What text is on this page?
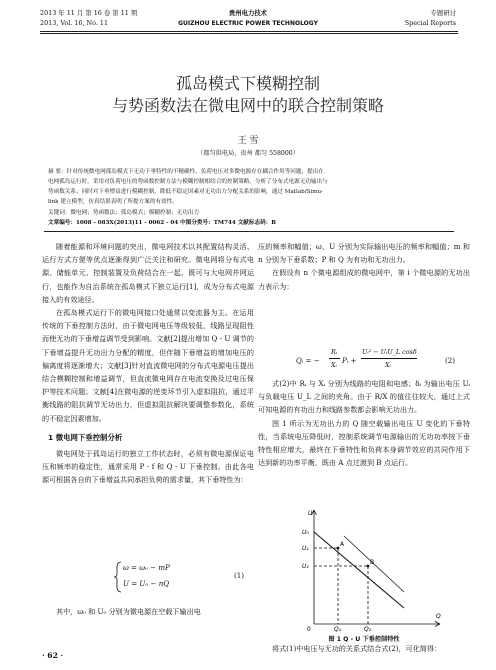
2013 年 11 月 第 16 卷 第 11 期	贵州电力技术	专题研讨
2013, Vol. 16, No. 11	GUIZHOU ELECTRIC POWER TECHNOLOGY	Special Reports
孤岛模式下模糊控制
与势函数法在微电网中的联合控制策略
王 雪
（都匀供电局，贵州 都匀 558000）
摘 要：针对传统微电网孤岛模式下无功下垂特性的不精确性、负荷电压对多微电源存在耦合作用等问题，提出在
电网孤岛运行时，采用对负荷电压的势函数控制方法与模糊控制相结合的控制策略。分析了分布式电源无功输出与
势函数关系；同时对下垂增益进行模糊控制，降低不稳定因素对无功出力分配关系的影响。通过 Matlab/Simu-
link 建立模型，仿真结果表明了所提方案的有效性。
关键词：微电网；势函数法；孤岛模式；模糊控制；无功出力
文章编号：1008 - 083X(2013)11 - 0062 - 04 中图分类号：TM744 文献标志码：B

随着能源和环境问题的突出，微电网技术以其配置结构灵活、运行方式方便等优点逐渐得到广泛关注和研究。微电网将分布式电源、储能单元、控制装置及负荷结合在一起，既可与大电网并网运行，也能作为自治系统在孤岛模式下独立运行[1]，成为分布式电源接入的有效途径。

在孤岛模式运行下的微电网接口处通常以变流器为主。在运用传统的下垂控制方法时，由于微电网电压等级较低，线路呈现阻性而使无功的下垂增益调节受到影响。文献[2]提出增加 Q - U 调节的下垂增益提升无功出力分配的精度，但伴随下垂增益的增加电压的偏离度将逐渐增大；文献[3]针对直流微电网的分布式电源电压提出结合模糊控制和增益调节，但直流微电网存在电流变换及过电压保护等技术问题；文献[4]在微电源的逆变环节引入虚拟阻抗，通过平衡线路的阻抗调节无功出力，但虚拟阻抗解决要调整参数化，系统的不稳定因素增加。

1 微电网下垂控制分析

微电网处于孤岛运行的独立工作状态时，必须有微电源保证电压和频率的稳定性，通常采用 P - f 和 Q - U 下垂控制。由此各电源可根据各自的下垂增益共同承担负荷的需求量，其下垂特性为：

ω = ω₀ − mP
U = U₀ − nQ
(1)

其中，ω₀ 和 U₀ 分别为微电源在空载下输出电

压的频率和幅值；ω、U 分别为实际输出电压的频率和幅值；m 和 n 分别为下垂系数；P 和 Q 为有功和无功出力。

在假设有 n 个微电源组成的微电网中，第 i 个微电源的无功出力表示为：

Qᵢ = −
Rᵢ
Xᵢ Pᵢ +
Uᵢ² − UᵢU_L cosδ
Xᵢ	(2)

式(2)中 Rᵢ 与 Xᵢ 分别为线路的电阻和电感；δᵢ 为输出电压 Uᵢ 与负载电压 U_L 之间的夹角。由于 R/X 的值往往较大，通过上式可知电源的有功出力和线路参数都会影响无功出力。

图 1 所示为无功出力的 Q 随空载输出电压 U 变化的下垂特性，当系统电压降低时，控制系统调节电源输出的无功功率按下垂特性相应增大，最终在下垂特性和负荷本身调节效应的共同作用下达到新的功率平衡，既由 A 点过渡到 B 点运行。

U
U₀
U₁
U₂
A
B
0	Q₁	Q₂
Q
图 1 Q - U 下垂控制特性

将式(1)中电压与无功的关系式结合式(2)，可化简得：

· 62 ·
